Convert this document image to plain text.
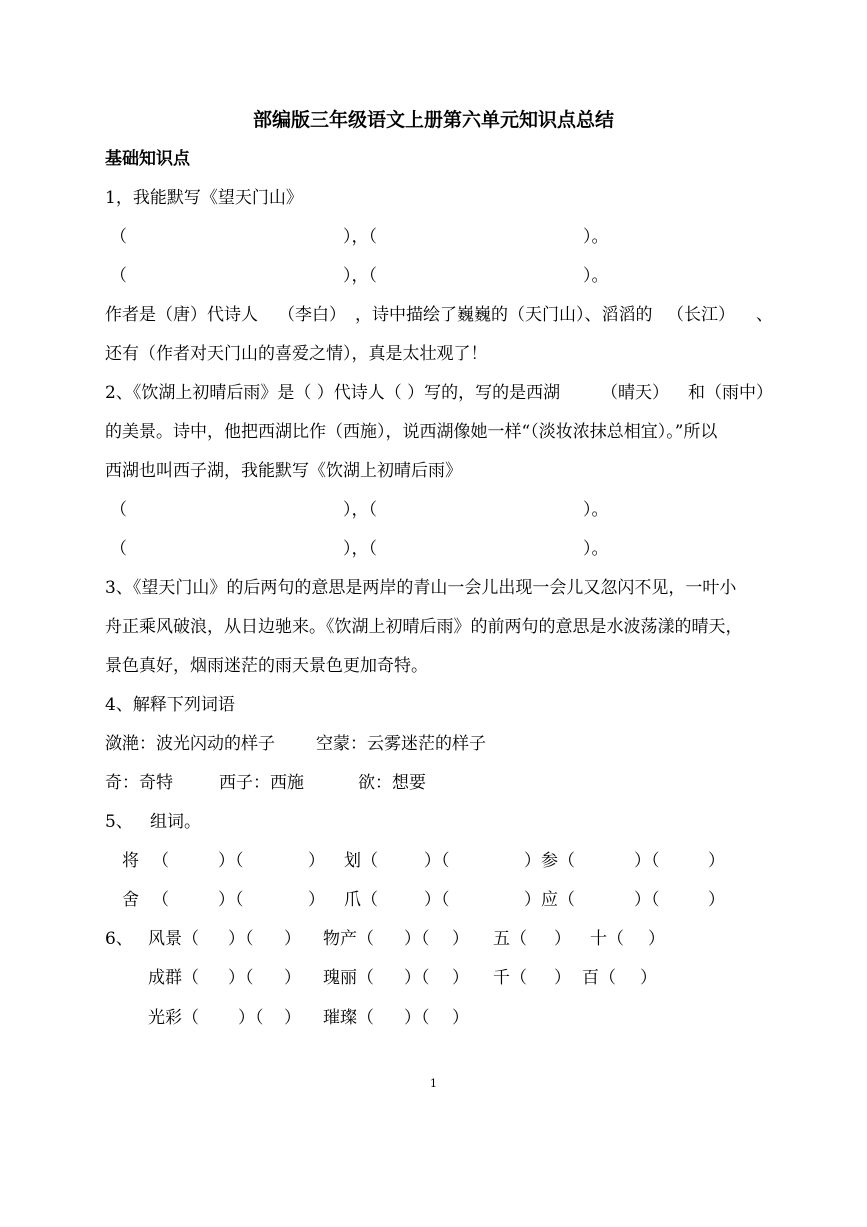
部编版三年级语文上册第六单元知识点总结
基础知识点
1，我能默写《望天门山》
（	），（	）。
（	），（	）。
作者是（唐）代诗人 （李白） ，诗中描绘了巍巍的（天门山）、滔滔的 （长江） 、
还有（作者对天门山的喜爱之情），真是太壮观了！
2、《饮湖上初晴后雨》是（ ）代诗人（ ）写的，写的是西湖 （晴天） 和（雨中）
的美景。诗中，他把西湖比作（西施），说西湖像她一样“（淡妆浓抹总相宜）。”所以
西湖也叫西子湖，我能默写《饮湖上初晴后雨》
（	），（	）。
（	），（	）。
3、《望天门山》的后两句的意思是两岸的青山一会儿出现一会儿又忽闪不见，一叶小
舟正乘风破浪，从日边驰来。《饮湖上初晴后雨》的前两句的意思是水波荡漾的晴天，
景色真好，烟雨迷茫的雨天景色更加奇特。
4、解释下列词语
潋滟：波光闪动的样子 空蒙：云雾迷茫的样子
奇：奇特	西子：西施	欲：想要
5、 组词。
将 （	）（	） 划（	）（	）参（	）（	）
舍 （	）（	） 爪（	）（	）应（	）（	）
6、 风景（ ）（ ） 物产（ ）（ ） 五（ ） 十（ ）
成群（ ）（ ） 瑰丽（ ）（ ） 千（ ） 百（ ）
光彩（ ）（ ） 璀璨（ ）（ ）
1
